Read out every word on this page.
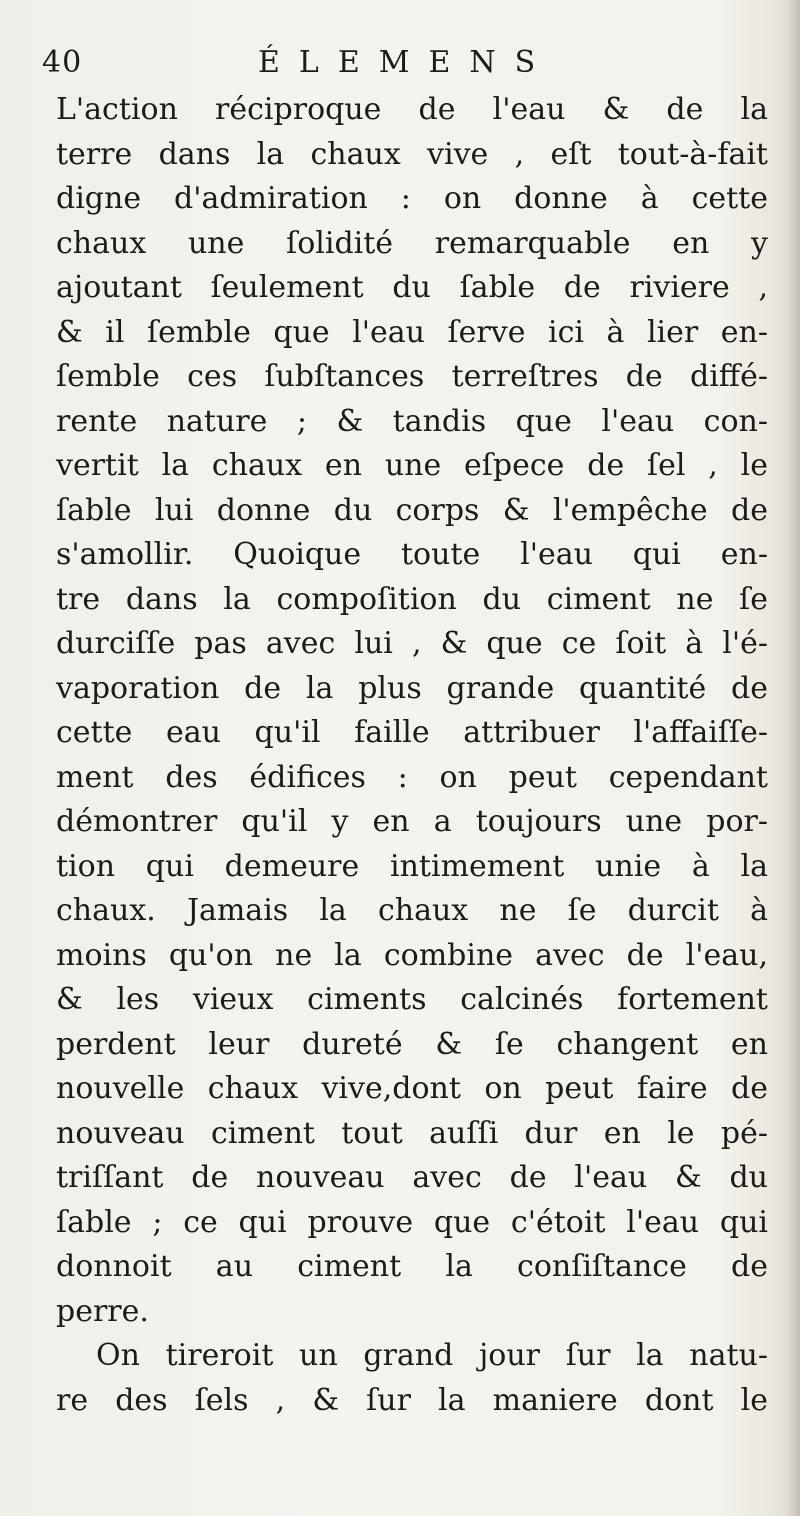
40	ÉLEMENS
L'action réciproque de l'eau & de la
terre dans la chaux vive , eſt tout-à-fait
digne d'admiration : on donne à cette
chaux une ſolidité remarquable en y
ajoutant ſeulement du ſable de riviere ,
& il ſemble que l'eau ſerve ici à lier en-
ſemble ces ſubſtances terreſtres de diffé-
rente nature ; & tandis que l'eau con-
vertit la chaux en une eſpece de ſel , le
ſable lui donne du corps & l'empêche de
s'amollir. Quoique toute l'eau qui en-
tre dans la compoſition du ciment ne ſe
durciſſe pas avec lui , & que ce ſoit à l'é-
vaporation de la plus grande quantité de
cette eau qu'il faille attribuer l'affaiſſe-
ment des édifices : on peut cependant
démontrer qu'il y en a toujours une por-
tion qui demeure intimement unie à la
chaux. Jamais la chaux ne ſe durcit à
moins qu'on ne la combine avec de l'eau,
& les vieux ciments calcinés fortement
perdent leur dureté & ſe changent en
nouvelle chaux vive,dont on peut faire de
nouveau ciment tout auſſi dur en le pé-
triſſant de nouveau avec de l'eau & du
ſable ; ce qui prouve que c'étoit l'eau qui
donnoit au ciment la conſiſtance de
perre.
On tireroit un grand jour ſur la natu-
re des ſels , & ſur la maniere dont le
